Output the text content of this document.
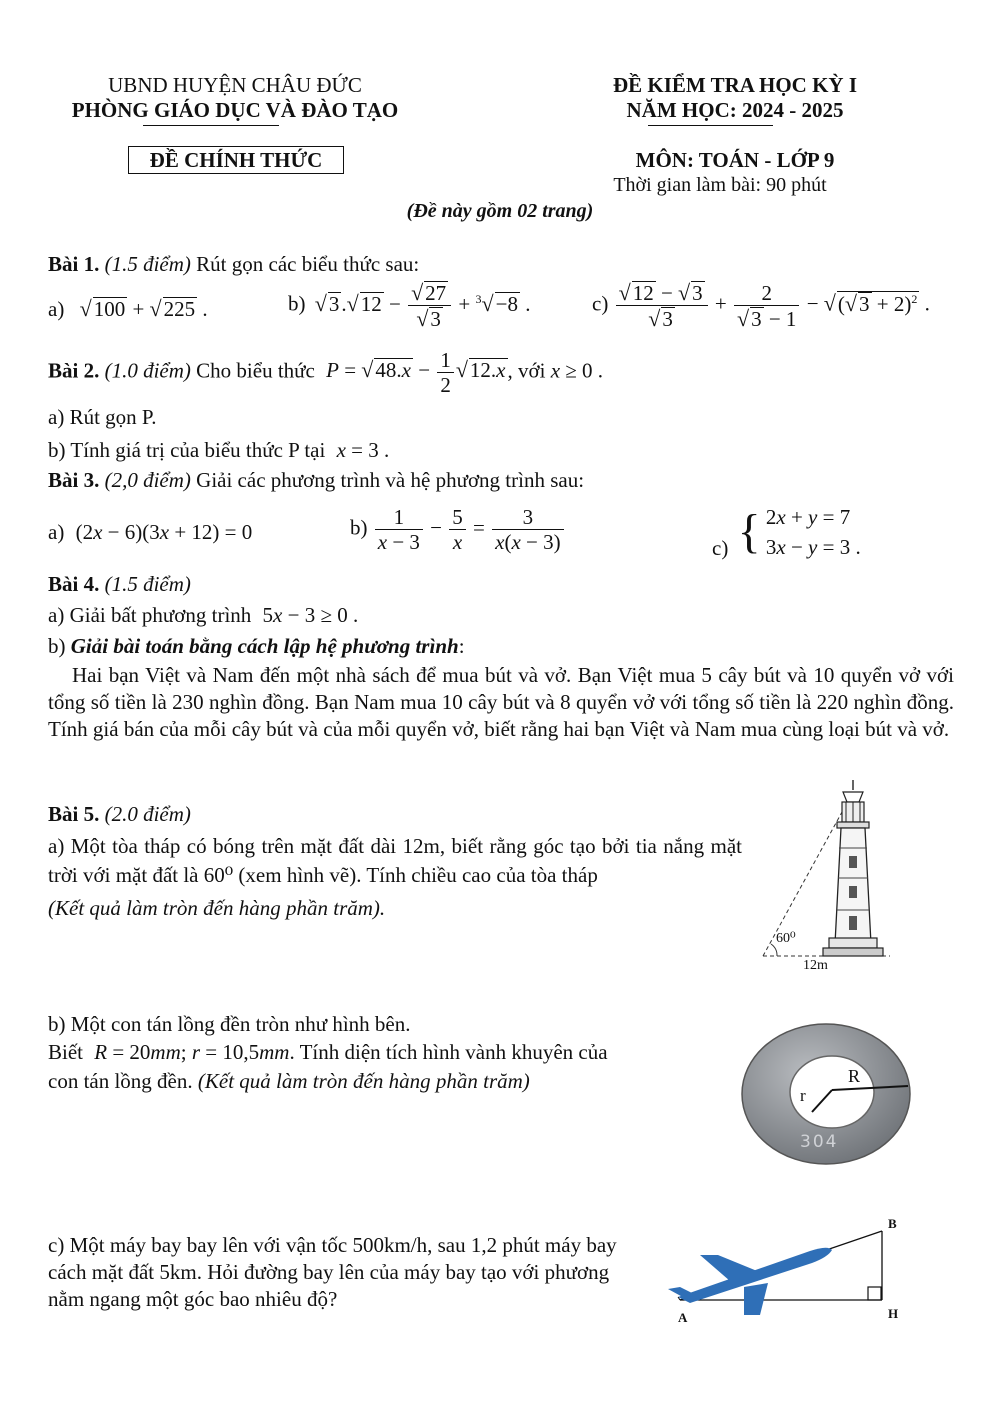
UBND HUYỆN CHÂU ĐỨC
PHÒNG GIÁO DỤC VÀ ĐÀO TẠO
ĐỀ KIỂM TRA HỌC KỲ I
NĂM HỌC: 2024 - 2025
ĐỀ CHÍNH THỨC	MÔN: TOÁN - LỚP 9
Thời gian làm bài: 90 phút
(Đề này gồm 02 trang)
Bài 1. (1.5 điểm) Rút gọn các biểu thức sau:
a) √100 + √225 .	b) $√3.√12 - \frac{√27}{√3} + ^3√-8$ .	$c) \frac{√12 - √3}{√3} + \frac{2}{√3 - 1} - √(√3 + 2)^2$ .
Bài 2. (1.0 điểm) Cho biểu thức $P = √48.x - \frac{1}{2} √12.x$, với x ≥ 0 .
a) Rút gọn P.
b) Tính giá trị của biểu thức P tại x = 3 .
Bài 3. (2,0 điểm) Giải các phương trình và hệ phương trình sau:
a) (2x − 6)(3x + 12) = 0	$b) \frac{1}{x - 3} - \frac{5}{x} = \frac{3}{x(x - 3)}$	c) { 2x + y = 7
3x − y = 3 .
Bài 4. (1.5 điểm)
a) Giải bất phương trình 5x − 3 ≥ 0 .
b) Giải bài toán bằng cách lập hệ phương trình:
Hai bạn Việt và Nam đến một nhà sách để mua bút và vở. Bạn Việt mua 5 cây bút và 10 quyển vở với tổng số tiền là 230 nghìn đồng. Bạn Nam mua 10 cây bút và 8 quyển vở với tổng số tiền là 220 nghìn đồng. Tính giá bán của mỗi cây bút và của mỗi quyển vở, biết rằng hai bạn Việt và Nam mua cùng loại bút và vở.
Bài 5. (2.0 điểm)
a) Một tòa tháp có bóng trên mặt đất dài 12m, biết rằng góc tạo bởi tia nắng mặt trời với mặt đất là 60⁰ (xem hình vẽ). Tính chiều cao của tòa tháp
(Kết quả làm tròn đến hàng phần trăm).
60⁰
12m
b) Một con tán lồng đền tròn như hình bên.
Biết R = 20mm; r = 10,5mm. Tính diện tích hình vành khuyên của
con tán lồng đền. (Kết quả làm tròn đến hàng phần trăm)	R
r
304
c) Một máy bay bay lên với vận tốc 500km/h, sau 1,2 phút máy bay cách mặt đất 5km. Hỏi đường bay lên của máy bay tạo với phương nằm ngang một góc bao nhiêu độ?
A
B
H
